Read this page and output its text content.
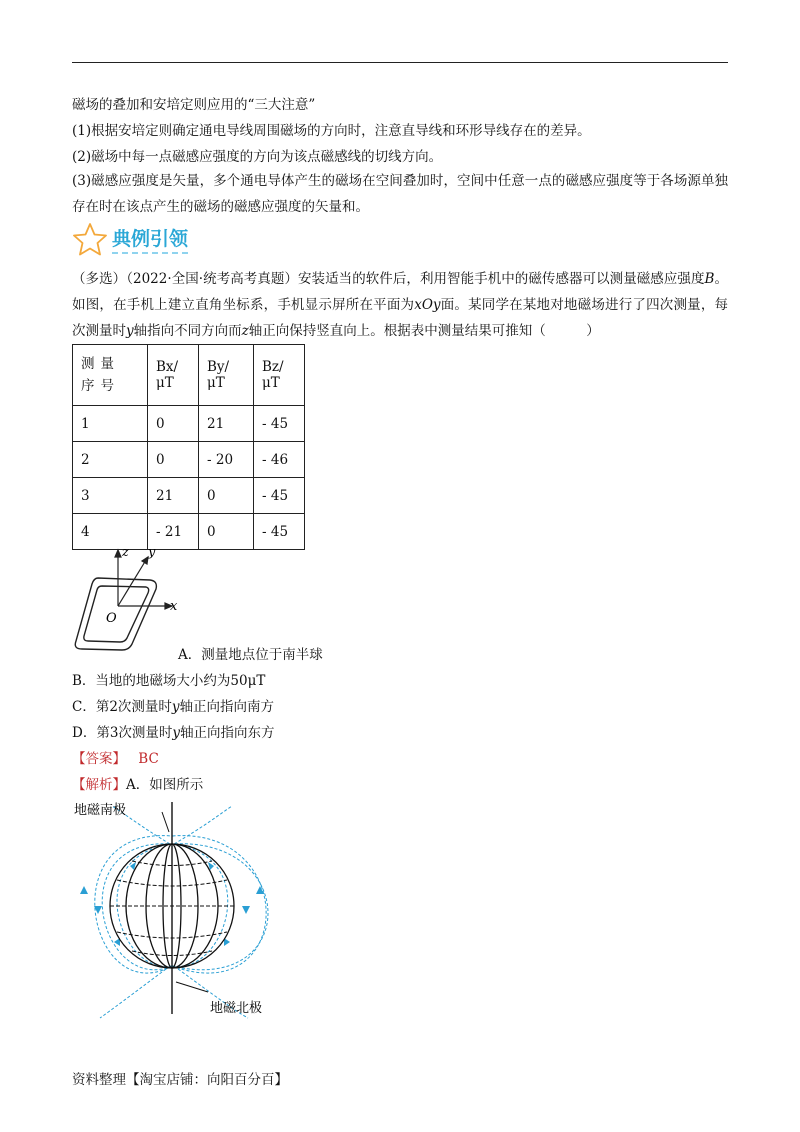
磁场的叠加和安培定则应用的“三大注意”
(1)根据安培定则确定通电导线周围磁场的方向时，注意直导线和环形导线存在的差异。
(2)磁场中每一点磁感应强度的方向为该点磁感线的切线方向。
(3)磁感应强度是矢量，多个通电导体产生的磁场在空间叠加时，空间中任意一点的磁感应强度等于各场源单独存在时在该点产生的磁场的磁感应强度的矢量和。
典例引领
（多选）（2022·全国·统考高考真题）安装适当的软件后，利用智能手机中的磁传感器可以测量磁感应强度B。如图，在手机上建立直角坐标系，手机显示屏所在平面为xOy面。某同学在某地对地磁场进行了四次测量，每次测量时y轴指向不同方向而z轴正向保持竖直向上。根据表中测量结果可推知（　　　）
测量序号	Bx/μT	By/μT	Bz/μT
1	0	21	- 45
2	0	- 20	- 46
3	21	0	- 45
4	- 21	0	- 45
z y
x
O
A．测量地点位于南半球
B．当地的地磁场大小约为50μT
C．第2次测量时y轴正向指向南方
D．第3次测量时y轴正向指向东方
【答案】 BC
【解析】A．如图所示
地磁南极
地磁北极
资料整理【淘宝店铺：向阳百分百】
